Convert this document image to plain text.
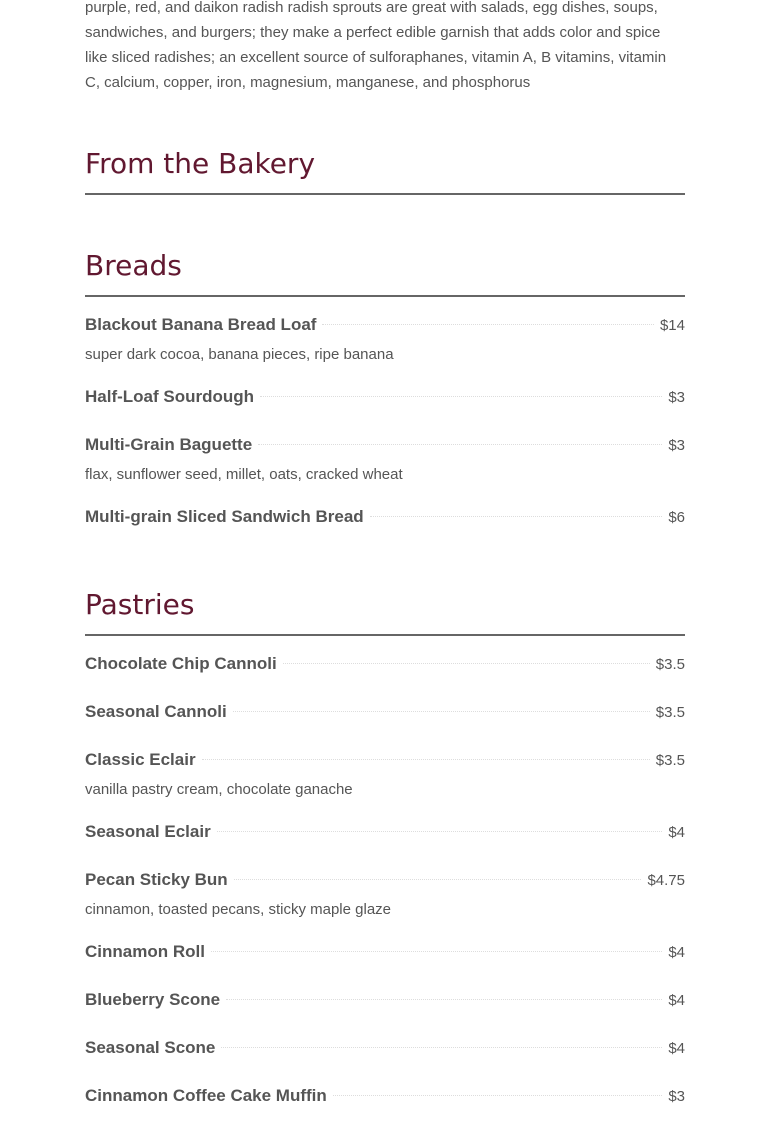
purple, red, and daikon radish radish sprouts are great with salads, egg dishes, soups, sandwiches, and burgers; they make a perfect edible garnish that adds color and spice like sliced radishes; an excellent source of sulforaphanes, vitamin A, B vitamins, vitamin C, calcium, copper, iron, magnesium, manganese, and phosphorus

From the Bakery
Breads
Blackout Banana Bread Loaf	$14
super dark cocoa, banana pieces, ripe banana
Half-Loaf Sourdough	$3
Multi-Grain Baguette	$3
flax, sunflower seed, millet, oats, cracked wheat
Multi-grain Sliced Sandwich Bread	$6
Pastries
Chocolate Chip Cannoli	$3.5
Seasonal Cannoli	$3.5
Classic Eclair	$3.5
vanilla pastry cream, chocolate ganache
Seasonal Eclair	$4
Pecan Sticky Bun	$4.75
cinnamon, toasted pecans, sticky maple glaze
Cinnamon Roll	$4
Blueberry Scone	$4
Seasonal Scone	$4
Cinnamon Coffee Cake Muffin	$3
